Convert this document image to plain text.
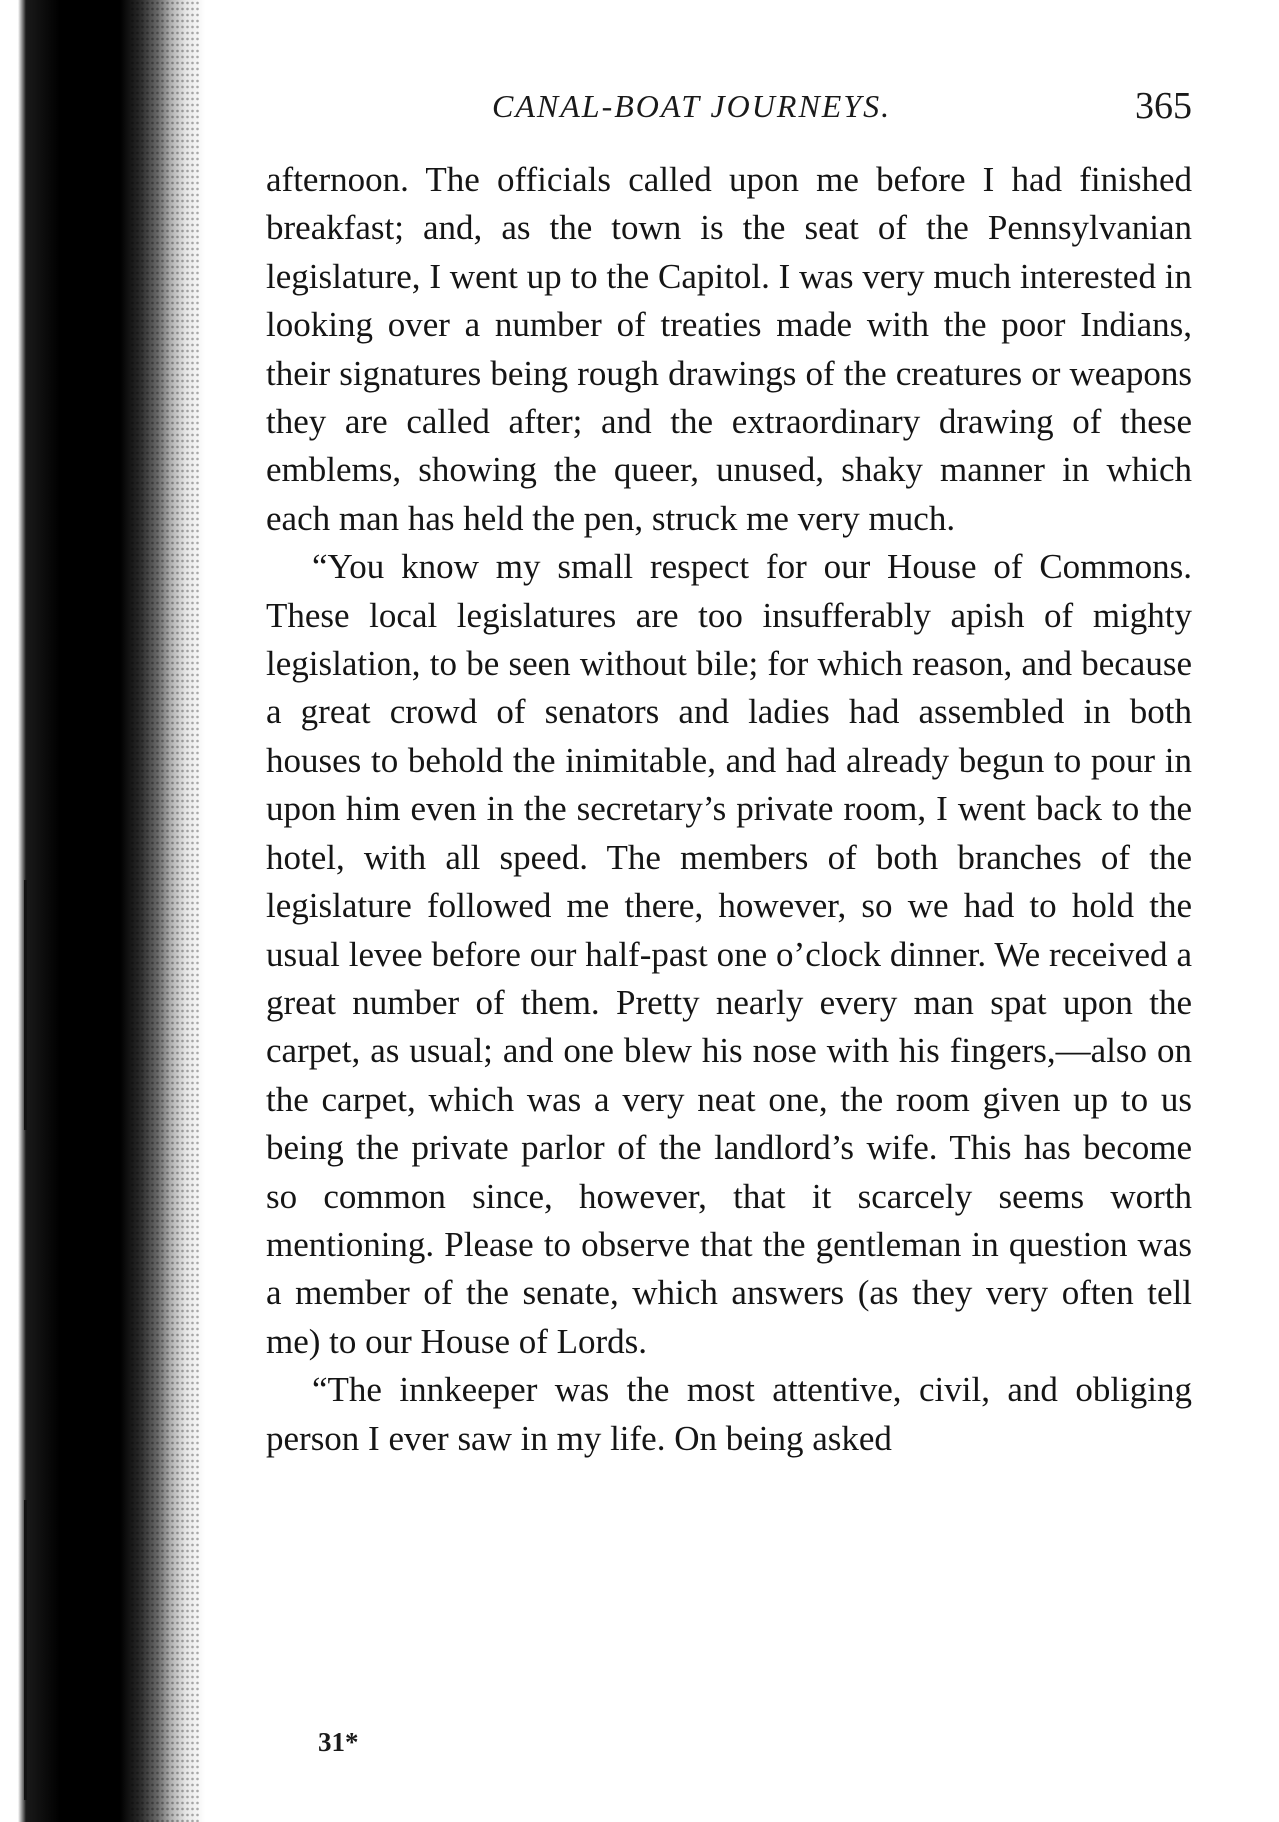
CANAL-BOAT JOURNEYS.	365

afternoon. The officials called upon me before I had finished breakfast; and, as the town is the seat of the Pennsylvanian legislature, I went up to the Capitol. I was very much interested in looking over a number of treaties made with the poor Indians, their signatures being rough drawings of the creatures or weapons they are called after; and the extraordinary drawing of these emblems, showing the queer, unused, shaky manner in which each man has held the pen, struck me very much.

“You know my small respect for our House of Commons. These local legislatures are too insufferably apish of mighty legislation, to be seen without bile; for which reason, and because a great crowd of senators and ladies had assembled in both houses to behold the inimitable, and had already begun to pour in upon him even in the secretary’s private room, I went back to the hotel, with all speed. The members of both branches of the legislature followed me there, however, so we had to hold the usual levee before our half-past one o’clock dinner. We received a great number of them. Pretty nearly every man spat upon the carpet, as usual; and one blew his nose with his fingers,—also on the carpet, which was a very neat one, the room given up to us being the private parlor of the landlord’s wife. This has become so common since, however, that it scarcely seems worth mentioning. Please to observe that the gentleman in question was a member of the senate, which answers (as they very often tell me) to our House of Lords.

“The innkeeper was the most attentive, civil, and obliging person I ever saw in my life. On being asked

31*
